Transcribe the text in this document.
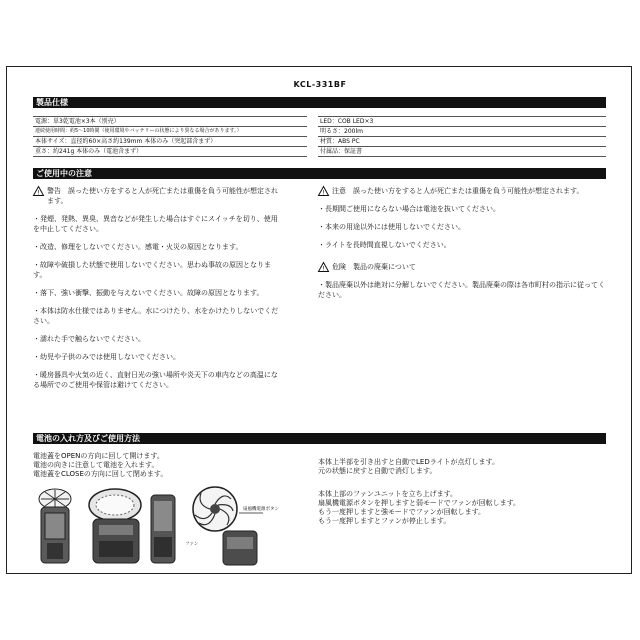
KCL-331BF
製品仕様
電源：単3乾電池×3本（別売）
連続使用時間：約5〜10時間（使用環境やバッテリーの状態により異なる場合があります。）
本体サイズ：直径約60×高さ約139mm 本体のみ（突起部含まず）
重さ：約241g 本体のみ（電池含まず）
LED：COB LED×3
明るさ：200lm
材質：ABS PC
付属品：保証書
ご使用中の注意

! 警告　誤った使い方をすると人が死亡または重傷を負う可能性が想定されます。

・発煙、発熱、異臭、異音などが発生した場合はすぐにスイッチを切り、使用を中止してください。

・改造、修理をしないでください。感電・火災の原因となります。

・故障や破損した状態で使用しないでください。思わぬ事故の原因となります。

・落下、強い衝撃、振動を与えないでください。故障の原因となります。

・本体は防水仕様ではありません。水につけたり、水をかけたりしないでください。

・濡れた手で触らないでください。

・幼児や子供のみでは使用しないでください。

・暖房器具や火気の近く、直射日光の強い場所や炎天下の車内などの高温になる場所でのご使用や保管は避けてください。

! 注意　誤った使い方をすると人が死亡または重傷を負う可能性が想定されます。

・長期間ご使用にならない場合は電池を抜いてください。

・本来の用途以外には使用しないでください。

・ライトを長時間直視しないでください。

! 危険　製品の廃棄について

・製品廃棄以外は絶対に分解しないでください。製品廃棄の際は各市町村の指示に従ってください。

電池の入れ方及びご使用方法
電池蓋をOPENの方向に回して開けます。
電池の向きに注意して電池を入れます。
電池蓋をCLOSEの方向に回して閉めます。
本体上半部を引き出すと自動でLEDライトが点灯します。
元の状態に戻すと自動で消灯します。
本体上部のファンユニットを立ち上げます。
扇風機電源ボタンを押しますと弱モードでファンが回転します。
もう一度押しますと強モードでファンが回転します。
もう一度押しますとファンが停止します。
扇風機電源ボタン
ファン
